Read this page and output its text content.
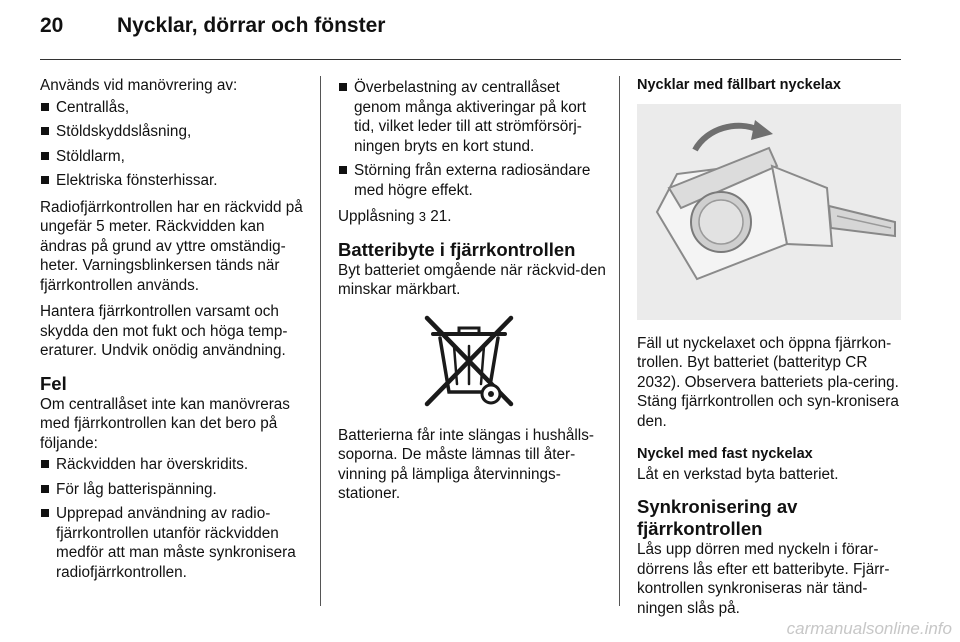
20	Nycklar, dörrar och fönster

Används vid manövrering av:

Centrallås,
Stöldskyddslåsning,
Stöldlarm,
Elektriska fönsterhissar.

Radiofjärrkontrollen har en räckvidd på ungefär 5 meter. Räckvidden kan ändras på grund av yttre omständig-heter. Varningsblinkersen tänds när fjärrkontrollen används.

Hantera fjärrkontrollen varsamt och skydda den mot fukt och höga temp-eraturer. Undvik onödig användning.

Fel

Om centrallåset inte kan manövreras med fjärrkontrollen kan det bero på följande:

Räckvidden har överskridits.
För låg batterispänning.
Upprepad användning av radio-fjärrkontrollen utanför räckvidden medför att man måste synkronisera radiofjärrkontrollen.
Överbelastning av centrallåset genom många aktiveringar på kort tid, vilket leder till att strömförsörj-ningen bryts en kort stund.
Störning från externa radiosändare med högre effekt.

Upplåsning 3 21.

Batteribyte i fjärrkontrollen

Byt batteriet omgående när räckvid-den minskar märkbart.

Batterierna får inte slängas i hushålls-soporna. De måste lämnas till åter-vinning på lämpliga återvinnings-stationer.

Nycklar med fällbart nyckelax

Fäll ut nyckelaxet och öppna fjärrkon-trollen. Byt batteriet (batterityp CR 2032). Observera batteriets pla-cering. Stäng fjärrkontrollen och syn-kronisera den.

Nyckel med fast nyckelax

Låt en verkstad byta batteriet.

Synkronisering av fjärrkontrollen

Lås upp dörren med nyckeln i förar-dörrens lås efter ett batteribyte. Fjärr-kontrollen synkroniseras när tänd-ningen slås på.

carmanualsonline.info
